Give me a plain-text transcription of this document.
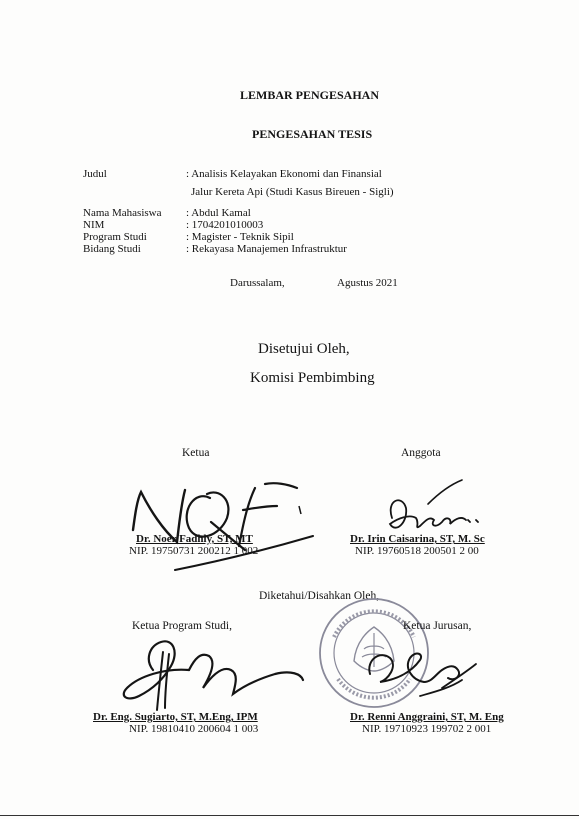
LEMBAR PENGESAHAN
PENGESAHAN TESIS
Judul	: Analisis Kelayakan Ekonomi dan Finansial
Jalur Kereta Api (Studi Kasus Bireuen - Sigli)
Nama Mahasiswa : Abdul Kamal
NIM	: 1704201010003
Program Studi	: Magister - Teknik Sipil
Bidang Studi	: Rekayasa Manajemen Infrastruktur
Darussalam,	Agustus 2021
Disetujui Oleh,
Komisi Pembimbing
Ketua
Dr. Noer Fadhly, ST, MT
NIP. 19750731 200212 1 002
Anggota
Dr. Irin Caisarina, ST, M. Sc
NIP. 19760518 200501 2 00
Diketahui/Disahkan Oleh,
Ketua Program Studi,
Dr. Eng. Sugiarto, ST, M.Eng, IPM
NIP. 19810410 200604 1 003
Ketua Jurusan,
Dr. Renni Anggraini, ST, M. Eng
NIP. 19710923 199702 2 001
